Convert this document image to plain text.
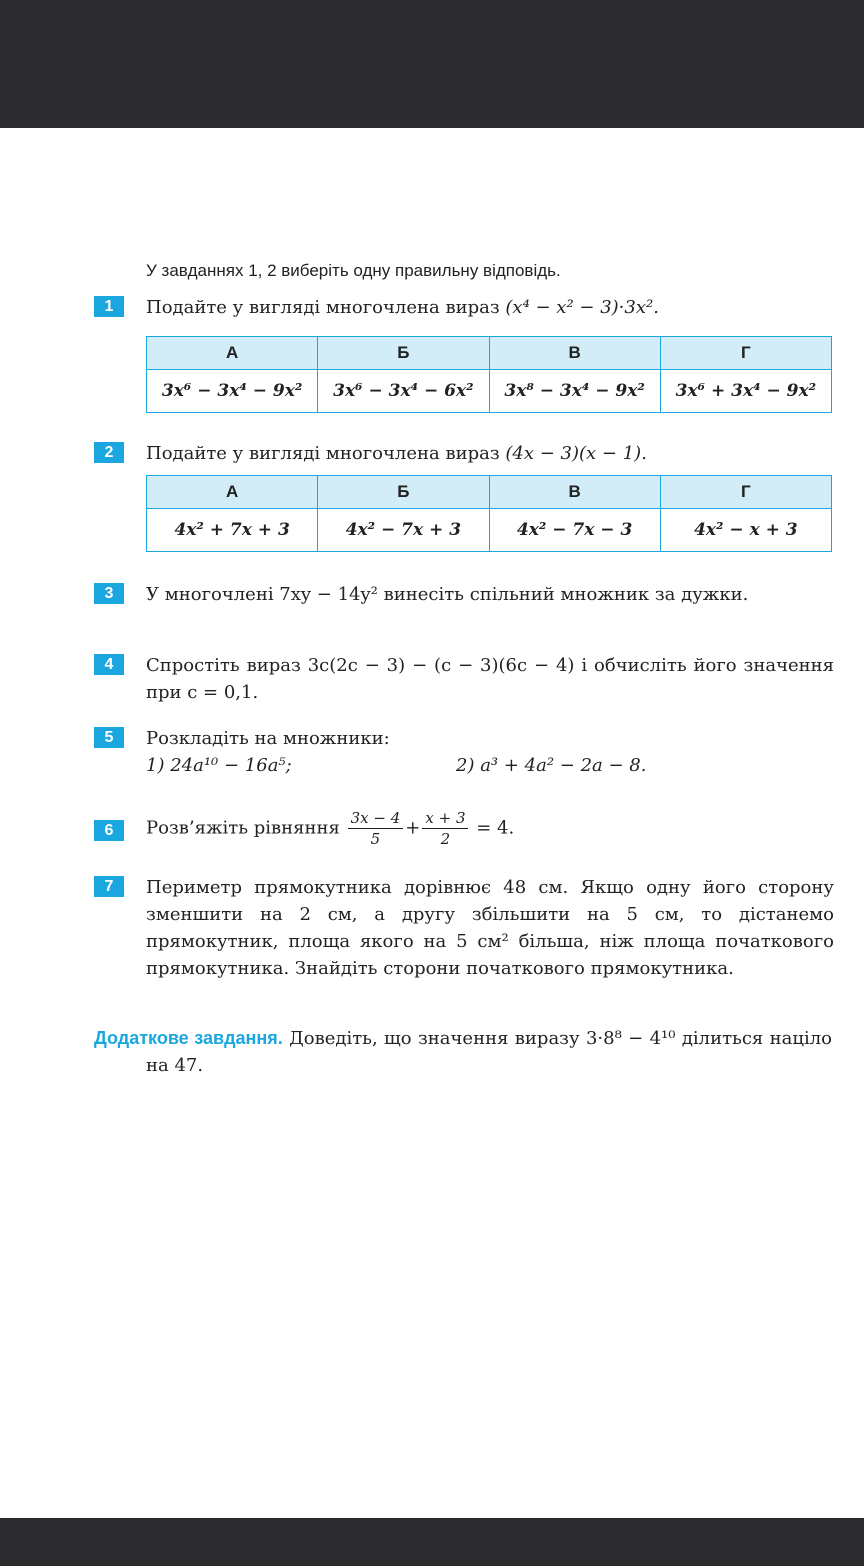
У завданнях 1, 2 виберіть одну правильну відповідь.
1	Подайте у вигляді многочлена вираз (x⁴ − x² − 3)·3x².
А	Б	В	Г
3x⁶ − 3x⁴ − 9x²	3x⁶ − 3x⁴ − 6x²	3x⁸ − 3x⁴ − 9x²	3x⁶ + 3x⁴ − 9x²
2	Подайте у вигляді многочлена вираз (4x − 3)(x − 1).
А	Б	В	Г
4x² + 7x + 3	4x² − 7x + 3	4x² − 7x − 3	4x² − x + 3
3	У многочлені 7xy − 14y² винесіть спільний множник за дужки.
4	Спростіть вираз 3c(2c − 3) − (c − 3)(6c − 4) і обчисліть його значення при c = 0,1.
5	Розкладіть на множники:
1) 24a¹⁰ − 16a⁵;	2) a³ + 4a² − 2a − 8.
6	Розв’яжіть рівняння $\frac{3x - 4}{5} + \frac{x + 3}{2} = 4$.
7	Периметр прямокутника дорівнює 48 см. Якщо одну його сторону зменшити на 2 см, а другу збільшити на 5 см, то дістанемо прямокутник, площа якого на 5 см² більша, ніж площа початкового прямокутника. Знайдіть сторони початкового прямокутника.
Додаткове завдання. Доведіть, що значення виразу 3·8⁸ − 4¹⁰ ділиться націло на 47.
